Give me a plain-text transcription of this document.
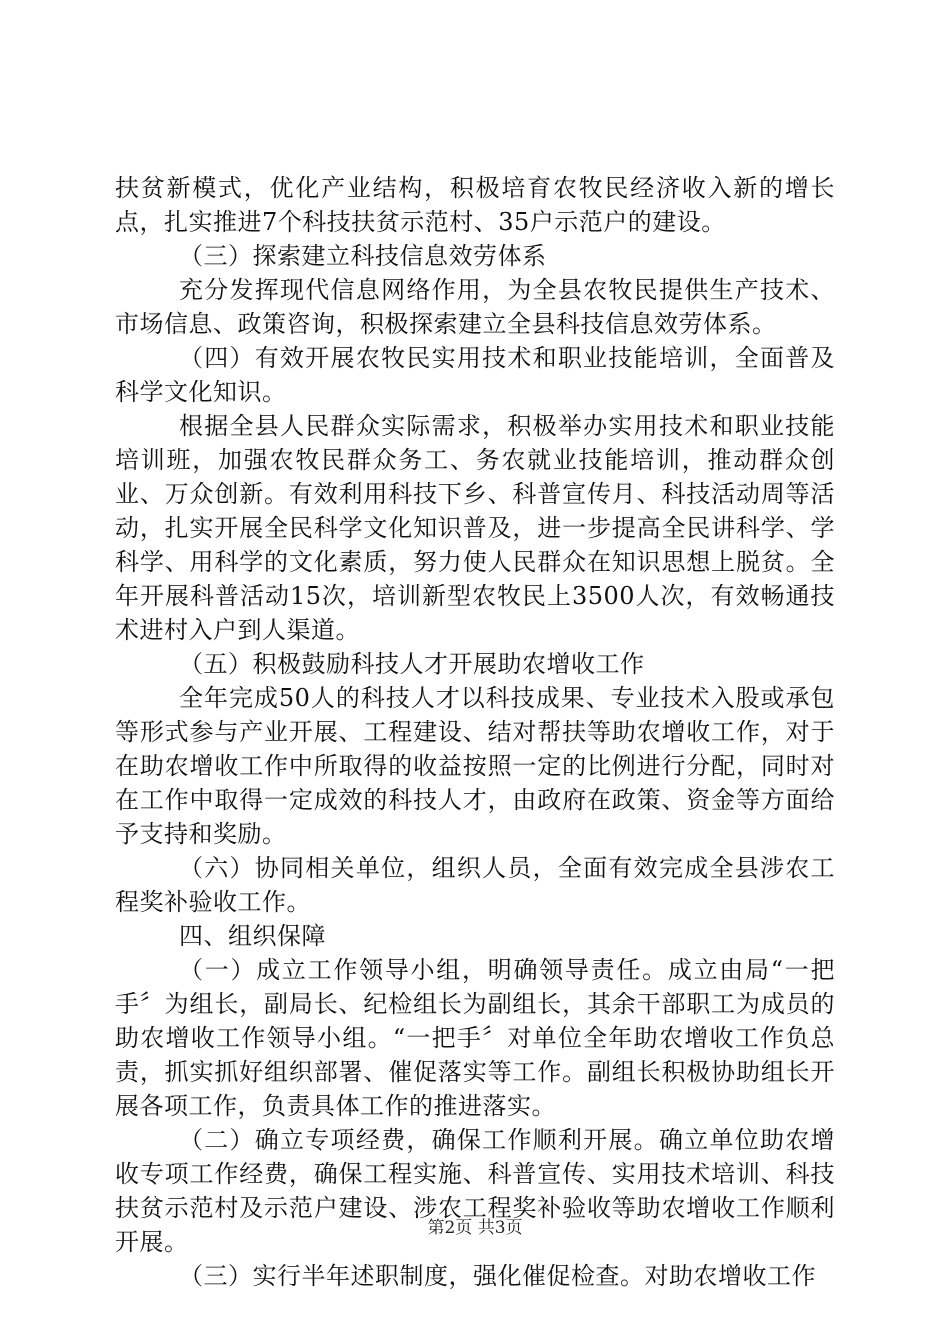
扶贫新模式，优化产业结构，积极培育农牧民经济收入新的增长点，扎实推进7个科技扶贫示范村、35户示范户的建设。

（三）探索建立科技信息效劳体系

充分发挥现代信息网络作用，为全县农牧民提供生产技术、市场信息、政策咨询，积极探索建立全县科技信息效劳体系。

（四）有效开展农牧民实用技术和职业技能培训，全面普及科学文化知识。

根据全县人民群众实际需求，积极举办实用技术和职业技能培训班，加强农牧民群众务工、务农就业技能培训，推动群众创业、万众创新。有效利用科技下乡、科普宣传月、科技活动周等活动，扎实开展全民科学文化知识普及，进一步提高全民讲科学、学科学、用科学的文化素质，努力使人民群众在知识思想上脱贫。全年开展科普活动15次，培训新型农牧民上3500人次，有效畅通技术进村入户到人渠道。

（五）积极鼓励科技人才开展助农增收工作

全年完成50人的科技人才以科技成果、专业技术入股或承包等形式参与产业开展、工程建设、结对帮扶等助农增收工作，对于在助农增收工作中所取得的收益按照一定的比例进行分配，同时对在工作中取得一定成效的科技人才，由政府在政策、资金等方面给予支持和奖励。

（六）协同相关单位，组织人员，全面有效完成全县涉农工程奖补验收工作。

四、组织保障

（一）成立工作领导小组，明确领导责任。成立由局“一把手〞为组长，副局长、纪检组长为副组长，其余干部职工为成员的助农增收工作领导小组。“一把手〞对单位全年助农增收工作负总责，抓实抓好组织部署、催促落实等工作。副组长积极协助组长开展各项工作，负责具体工作的推进落实。

（二）确立专项经费，确保工作顺利开展。确立单位助农增收专项工作经费，确保工程实施、科普宣传、实用技术培训、科技扶贫示范村及示范户建设、涉农工程奖补验收等助农增收工作顺利开展。

（三）实行半年述职制度，强化催促检查。对助农增收工作

第2页 共3页
